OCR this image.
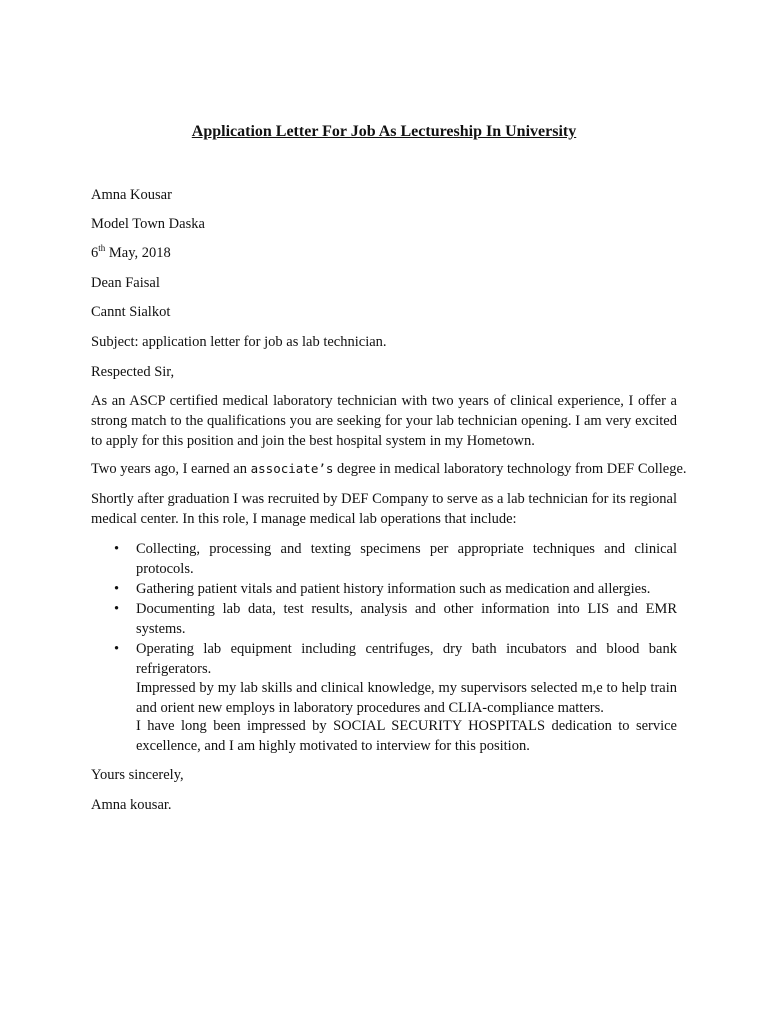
Application Letter For Job As Lectureship In University

Amna Kousar

Model Town Daska

6th May, 2018

Dean Faisal

Cannt Sialkot

Subject: application letter for job as lab technician.

Respected Sir,

As an ASCP certified medical laboratory technician with two years of clinical experience, I offer a strong match to the qualifications you are seeking for your lab technician opening. I am very excited to apply for this position and join the best hospital system in my Hometown.

Two years ago, I earned an associate’s degree in medical laboratory technology from DEF College.

Shortly after graduation I was recruited by DEF Company to serve as a lab technician for its regional medical center. In this role, I manage medical lab operations that include:

• Collecting, processing and texting specimens per appropriate techniques and clinical protocols.
• Gathering patient vitals and patient history information such as medication and allergies.
• Documenting lab data, test results, analysis and other information into LIS and EMR systems.
• Operating lab equipment including centrifuges, dry bath incubators and blood bank refrigerators.

Impressed by my lab skills and clinical knowledge, my supervisors selected m,e to help train and orient new employs in laboratory procedures and CLIA-compliance matters.

I have long been impressed by SOCIAL SECURITY HOSPITALS dedication to service excellence, and I am highly motivated to interview for this position.

Yours sincerely,

Amna kousar.
